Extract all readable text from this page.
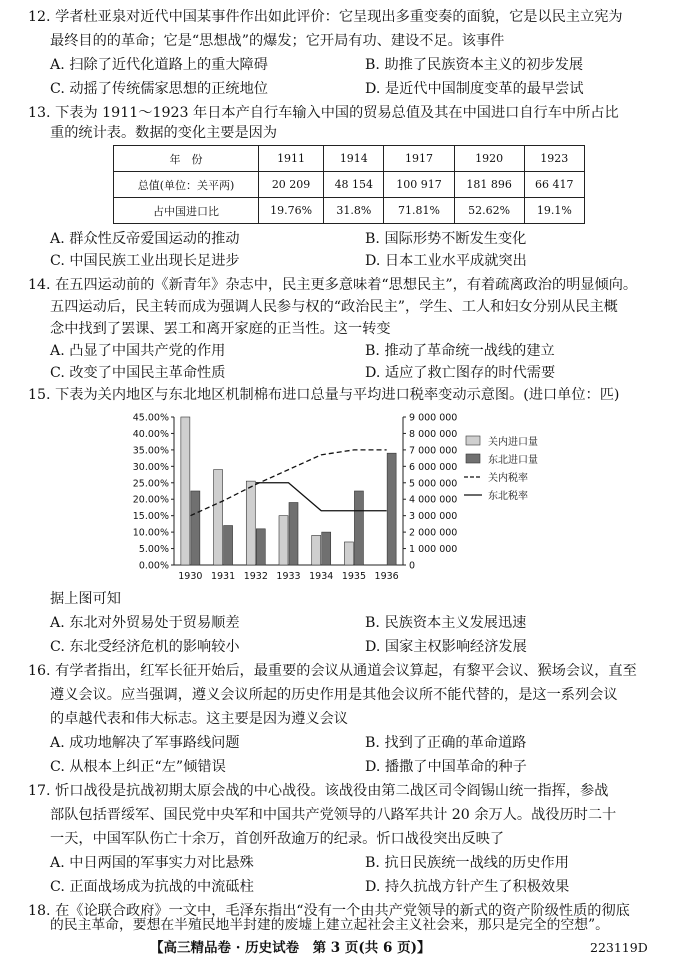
12. 学者杜亚泉对近代中国某事件作出如此评价：它呈现出多重变奏的面貌，它是以民主立宪为
最终目的的革命；它是“思想战”的爆发；它开局有功、建设不足。该事件
A. 扫除了近代化道路上的重大障碍	B. 助推了民族资本主义的初步发展
C. 动摇了传统儒家思想的正统地位	D. 是近代中国制度变革的最早尝试
13. 下表为 1911～1923 年日本产自行车输入中国的贸易总值及其在中国进口自行车中所占比
重的统计表。数据的变化主要是因为
年　份	1911	1914	1917	1920	1923
总值(单位：关平两)	20 209	48 154	100 917	181 896	66 417
占中国进口比	19.76%	31.8%	71.81%	52.62%	19.1%
A. 群众性反帝爱国运动的推动	B. 国际形势不断发生变化
C. 中国民族工业出现长足进步	D. 日本工业水平成就突出
14. 在五四运动前的《新青年》杂志中，民主更多意味着“思想民主”，有着疏离政治的明显倾向。
五四运动后，民主转而成为强调人民参与权的“政治民主”，学生、工人和妇女分别从民主概
念中找到了罢课、罢工和离开家庭的正当性。这一转变
A. 凸显了中国共产党的作用	B. 推动了革命统一战线的建立
C. 改变了中国民主革命性质	D. 适应了救亡图存的时代需要
15. 下表为关内地区与东北地区机制棉布进口总量与平均进口税率变动示意图。(进口单位：匹)
0.00%
5.00%
10.00%
15.00%
20.00%
25.00%
30.00%
35.00%
40.00%
45.00%
0
1 000 000
2 000 000
3 000 000
4 000 000
5 000 000
6 000 000
7 000 000
8 000 000
9 000 000
1930 1931 1932 1933 1934 1935 1936
关内进口量
东北进口量
关内税率
东北税率
据上图可知
A. 东北对外贸易处于贸易顺差	B. 民族资本主义发展迅速
C. 东北受经济危机的影响较小	D. 国家主权影响经济发展
16. 有学者指出，红军长征开始后，最重要的会议从通道会议算起，有黎平会议、猴场会议，直至
遵义会议。应当强调，遵义会议所起的历史作用是其他会议所不能代替的，是这一系列会议
的卓越代表和伟大标志。这主要是因为遵义会议
A. 成功地解决了军事路线问题	B. 找到了正确的革命道路
C. 从根本上纠正“左”倾错误	D. 播撒了中国革命的种子
17. 忻口战役是抗战初期太原会战的中心战役。该战役由第二战区司令阎锡山统一指挥，参战
部队包括晋绥军、国民党中央军和中国共产党领导的八路军共计 20 余万人。战役历时二十
一天，中国军队伤亡十余万，首创歼敌逾万的纪录。忻口战役突出反映了
A. 中日两国的军事实力对比悬殊	B. 抗日民族统一战线的历史作用
C. 正面战场成为抗战的中流砥柱	D. 持久抗战方针产生了积极效果
18. 在《论联合政府》一文中，毛泽东指出“没有一个由共产党领导的新式的资产阶级性质的彻底
的民主革命，要想在半殖民地半封建的废墟上建立起社会主义社会来，那只是完全的空想”。
【高三精品卷 · 历史试卷　第 3 页(共 6 页)】	223119D
